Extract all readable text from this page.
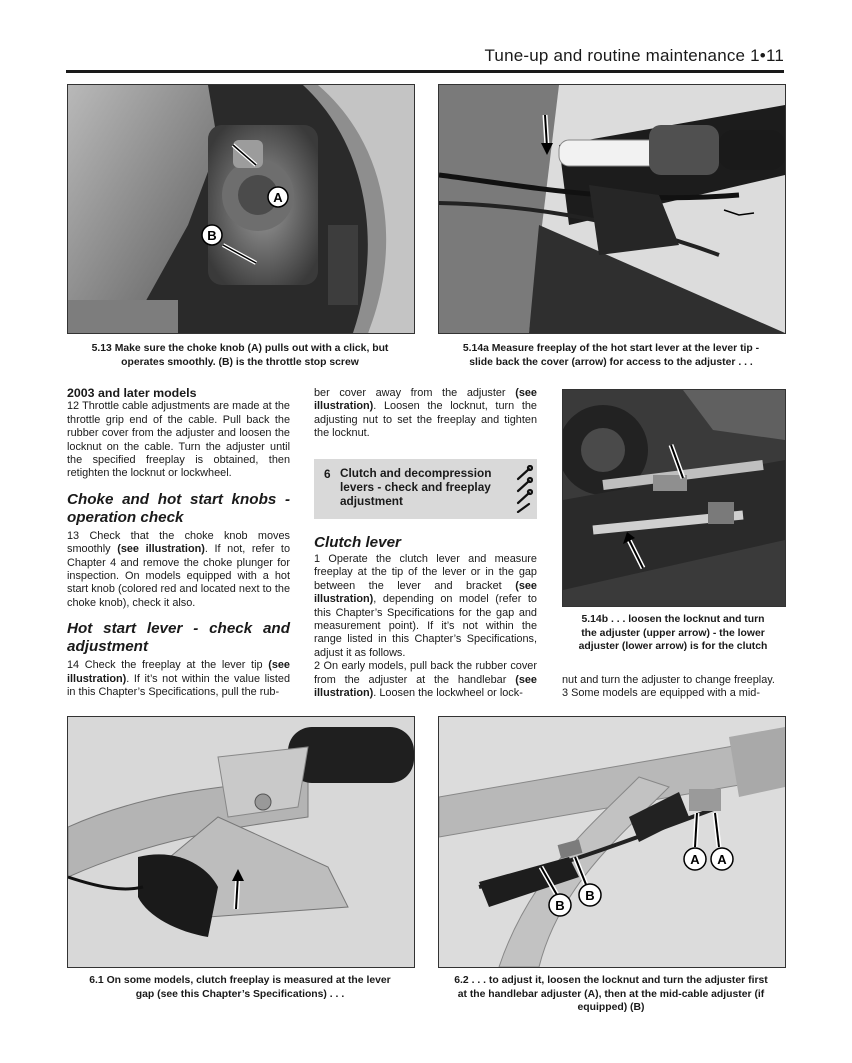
Tune-up and routine maintenance 1•11
A
B
5.13 Make sure the choke knob (A) pulls out with a click, but
operates smoothly. (B) is the throttle stop screw
5.14a Measure freeplay of the hot start lever at the lever tip -
slide back the cover (arrow) for access to the adjuster . . .

2003 and later models

12 Throttle cable adjustments are made at the throttle grip end of the cable. Pull back the rubber cover from the adjuster and loosen the locknut on the cable. Turn the adjuster until the specified freeplay is obtained, then retighten the locknut or lockwheel.

Choke and hot start knobs - operation check

13 Check that the choke knob moves smoothly (see illustration). If not, refer to Chapter 4 and remove the choke plunger for inspection. On models equipped with a hot start knob (colored red and located next to the choke knob), check it also.

Hot start lever - check and adjustment

14 Check the freeplay at the lever tip (see illustration). If it’s not within the value listed in this Chapter’s Specifications, pull the rub-

ber cover away from the adjuster (see illustration). Loosen the locknut, turn the adjusting nut to set the freeplay and tighten the locknut.

6 Clutch and decompression levers - check and freeplay adjustment

Clutch lever

1 Operate the clutch lever and measure freeplay at the tip of the lever or in the gap between the lever and bracket (see illustration), depending on model (refer to this Chapter’s Specifications for the gap and measurement point). If it’s not within the range listed in this Chapter’s Specifications, adjust it as follows.

2 On early models, pull back the rubber cover from the adjuster at the handlebar (see illustration). Loosen the lockwheel or lock-

5.14b . . . loosen the locknut and turn
the adjuster (upper arrow) - the lower
adjuster (lower arrow) is for the clutch

nut and turn the adjuster to change freeplay.

3 Some models are equipped with a mid-

6.1 On some models, clutch freeplay is measured at the lever
gap (see this Chapter’s Specifications) . . .
B
B
A A
6.2 . . . to adjust it, loosen the locknut and turn the adjuster first
at the handlebar adjuster (A), then at the mid-cable adjuster (if
equipped) (B)
